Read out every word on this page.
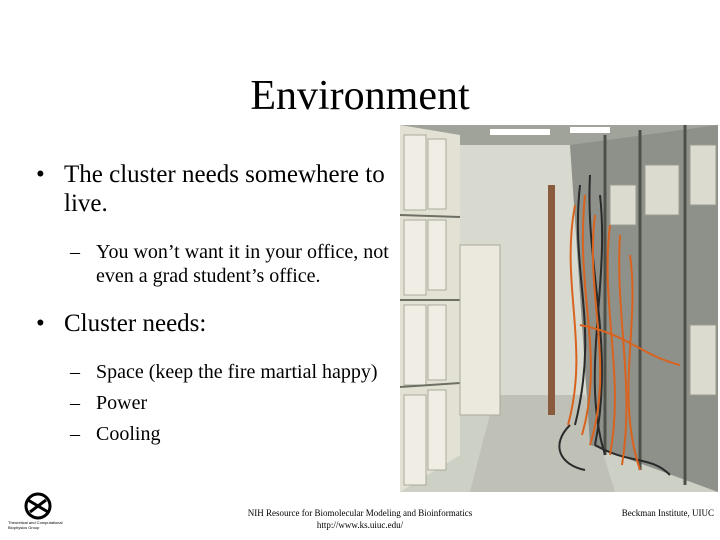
Environment
• The cluster needs somewhere to live.
– You won’t want it in your office, not even a grad student’s office.
• Cluster needs:
– Space (keep the fire martial happy)
– Power
– Cooling
Theoretical and Computational
Biophysics Group
NIH Resource for Biomolecular Modeling and Bioinformatics
http://www.ks.uiuc.edu/
Beckman Institute, UIUC
